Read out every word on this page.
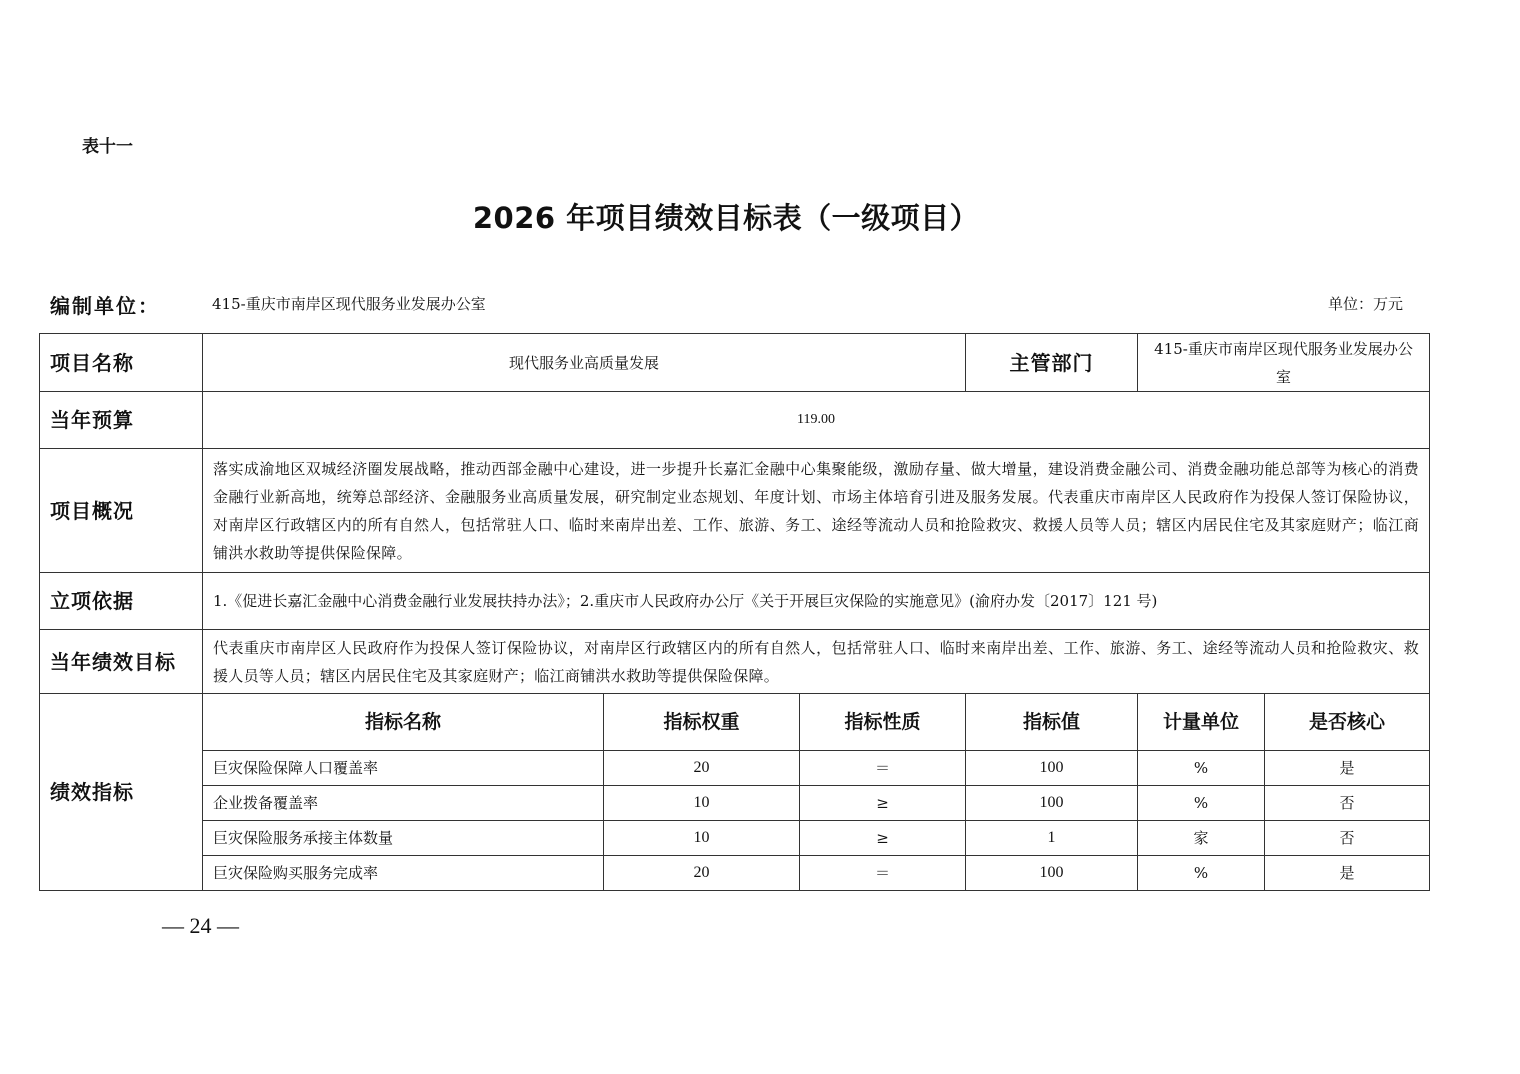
表十一
2026 年项目绩效目标表（一级项目）
编制单位：	415-重庆市南岸区现代服务业发展办公室	单位：万元
项目名称	现代服务业高质量发展			主管部门	415-重庆市南岸区现代服务业发展办公室	
当年预算	119.00					
项目概况	落实成渝地区双城经济圈发展战略，推动西部金融中心建设，进一步提升长嘉汇金融中心集聚能级，激励存量、做大增量，建设消费金融公司、消费金融功能总部等为核心的消费金融行业新高地，统筹总部经济、金融服务业高质量发展，研究制定业态规划、年度计划、市场主体培育引进及服务发展。代表重庆市南岸区人民政府作为投保人签订保险协议，对南岸区行政辖区内的所有自然人，包括常驻人口、临时来南岸出差、工作、旅游、务工、途经等流动人员和抢险救灾、救援人员等人员；辖区内居民住宅及其家庭财产；临江商铺洪水救助等提供保险保障。					
立项依据	1.《促进长嘉汇金融中心消费金融行业发展扶持办法》；2.重庆市人民政府办公厅《关于开展巨灾保险的实施意见》(渝府办发〔2017〕121 号)					
当年绩效目标	代表重庆市南岸区人民政府作为投保人签订保险协议，对南岸区行政辖区内的所有自然人，包括常驻人口、临时来南岸出差、工作、旅游、务工、途经等流动人员和抢险救灾、救援人员等人员；辖区内居民住宅及其家庭财产；临江商铺洪水救助等提供保险保障。					
绩效指标	指标名称	指标权重	指标性质	指标值	计量单位	是否核心
	巨灾保险保障人口覆盖率	20	＝	100	%	是
	企业拨备覆盖率	10	≥	100	%	否
	巨灾保险服务承接主体数量	10	≥	1	家	否
	巨灾保险购买服务完成率	20	＝	100	%	是
— 24 —
